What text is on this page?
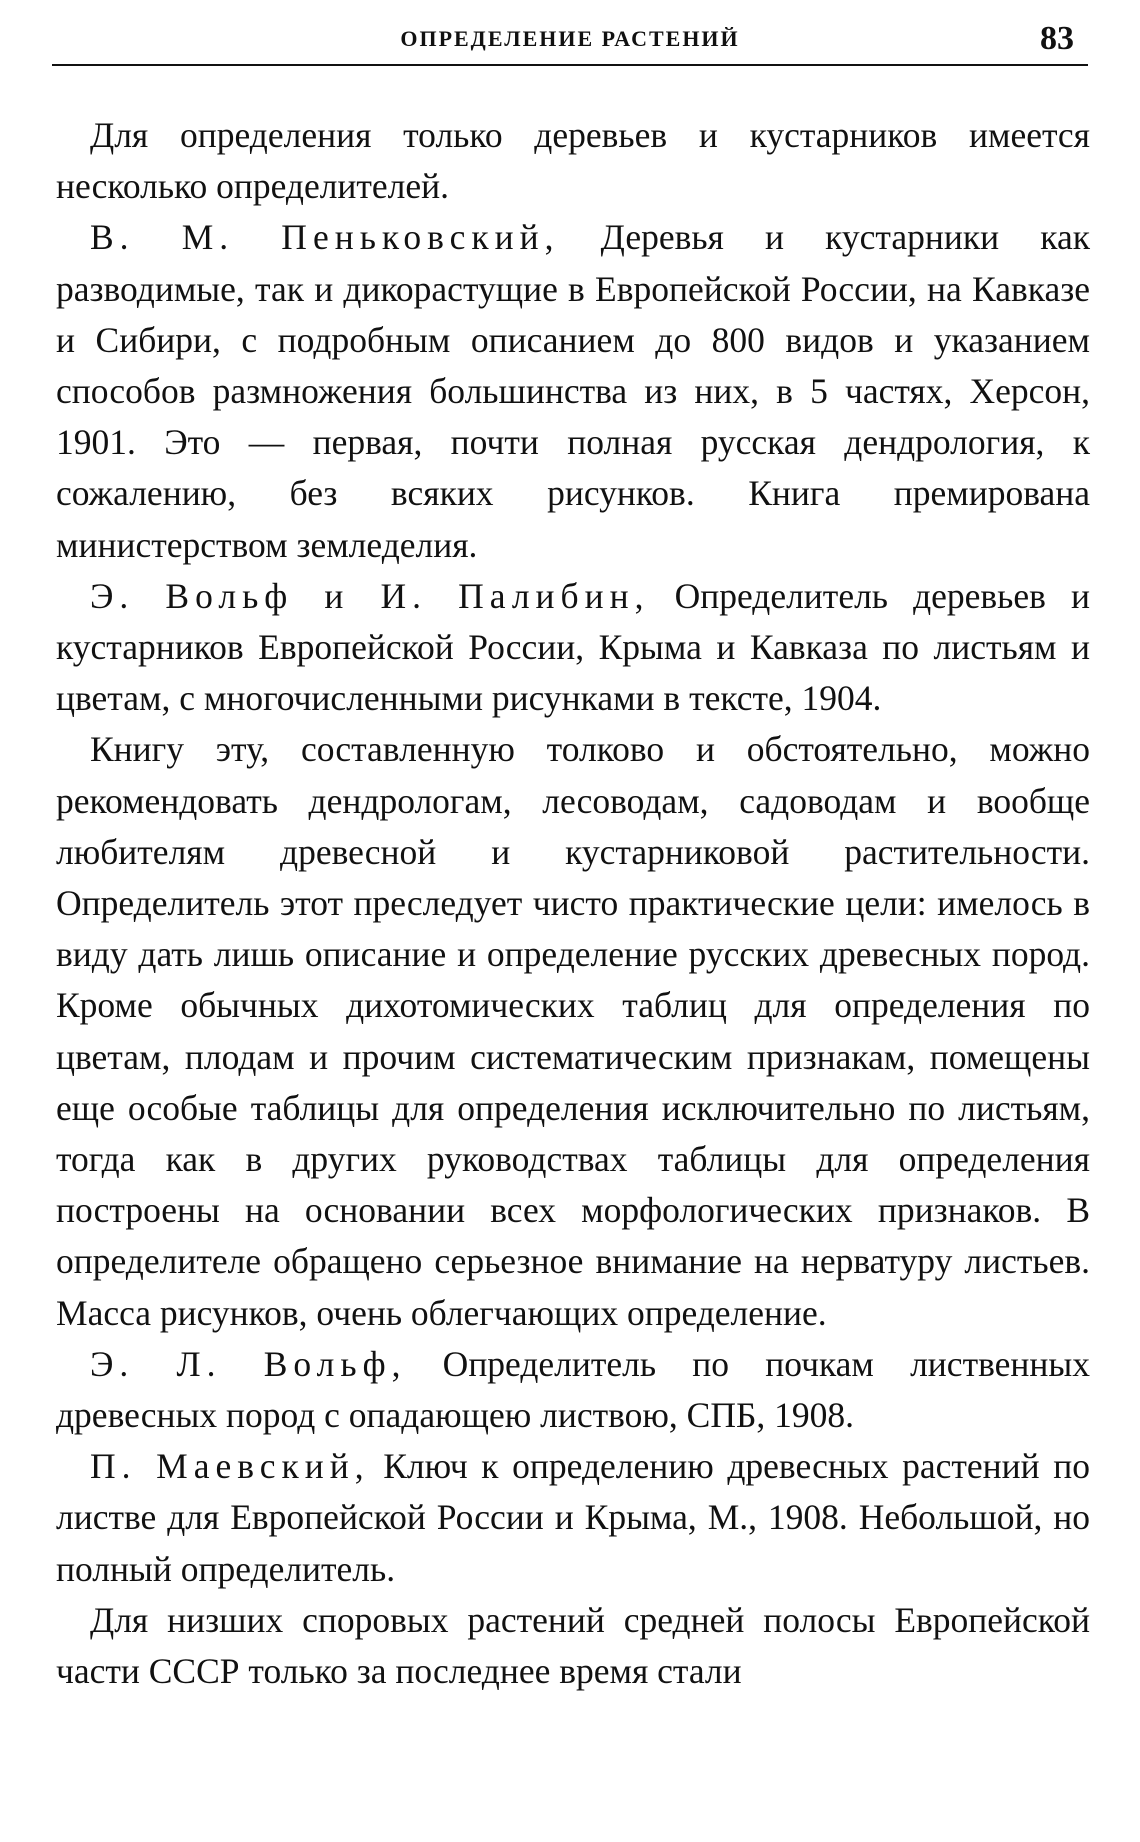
ОПРЕДЕЛЕНИЕ РАСТЕНИЙ	83

Для определения только деревьев и кустарников имеется несколько определителей.

В. М. Пеньковский, Деревья и кустарники как разводимые, так и дикорастущие в Европейской России, на Кавказе и Сибири, с подробным описанием до 800 видов и указанием способов размножения большинства из них, в 5 частях, Херсон, 1901. Это — первая, почти полная русская дендрология, к сожалению, без всяких рисунков. Книга премирована министерством земледелия.

Э. Вольф и И. Палибин, Определитель деревьев и кустарников Европейской России, Крыма и Кавказа по листьям и цветам, с многочисленными рисунками в тексте, 1904.

Книгу эту, составленную толково и обстоятельно, можно рекомендовать дендрологам, лесоводам, садоводам и вообще любителям древесной и кустарниковой растительности. Определитель этот преследует чисто практические цели: имелось в виду дать лишь описание и определение русских древесных пород. Кроме обычных дихотомических таблиц для определения по цветам, плодам и прочим систематическим признакам, помещены еще особые таблицы для определения исключительно по листьям, тогда как в других руководствах таблицы для определения построены на основании всех морфологических признаков. В определителе обращено серьезное внимание на нерватуру листьев. Масса рисунков, очень облегчающих определение.

Э. Л. Вольф, Определитель по почкам лиственных древесных пород с опадающею листвою, СПБ, 1908.

П. Маевский, Ключ к определению древесных растений по листве для Европейской России и Крыма, М., 1908. Небольшой, но полный определитель.

Для низших споровых растений средней полосы Европейской части СССР только за последнее время стали
